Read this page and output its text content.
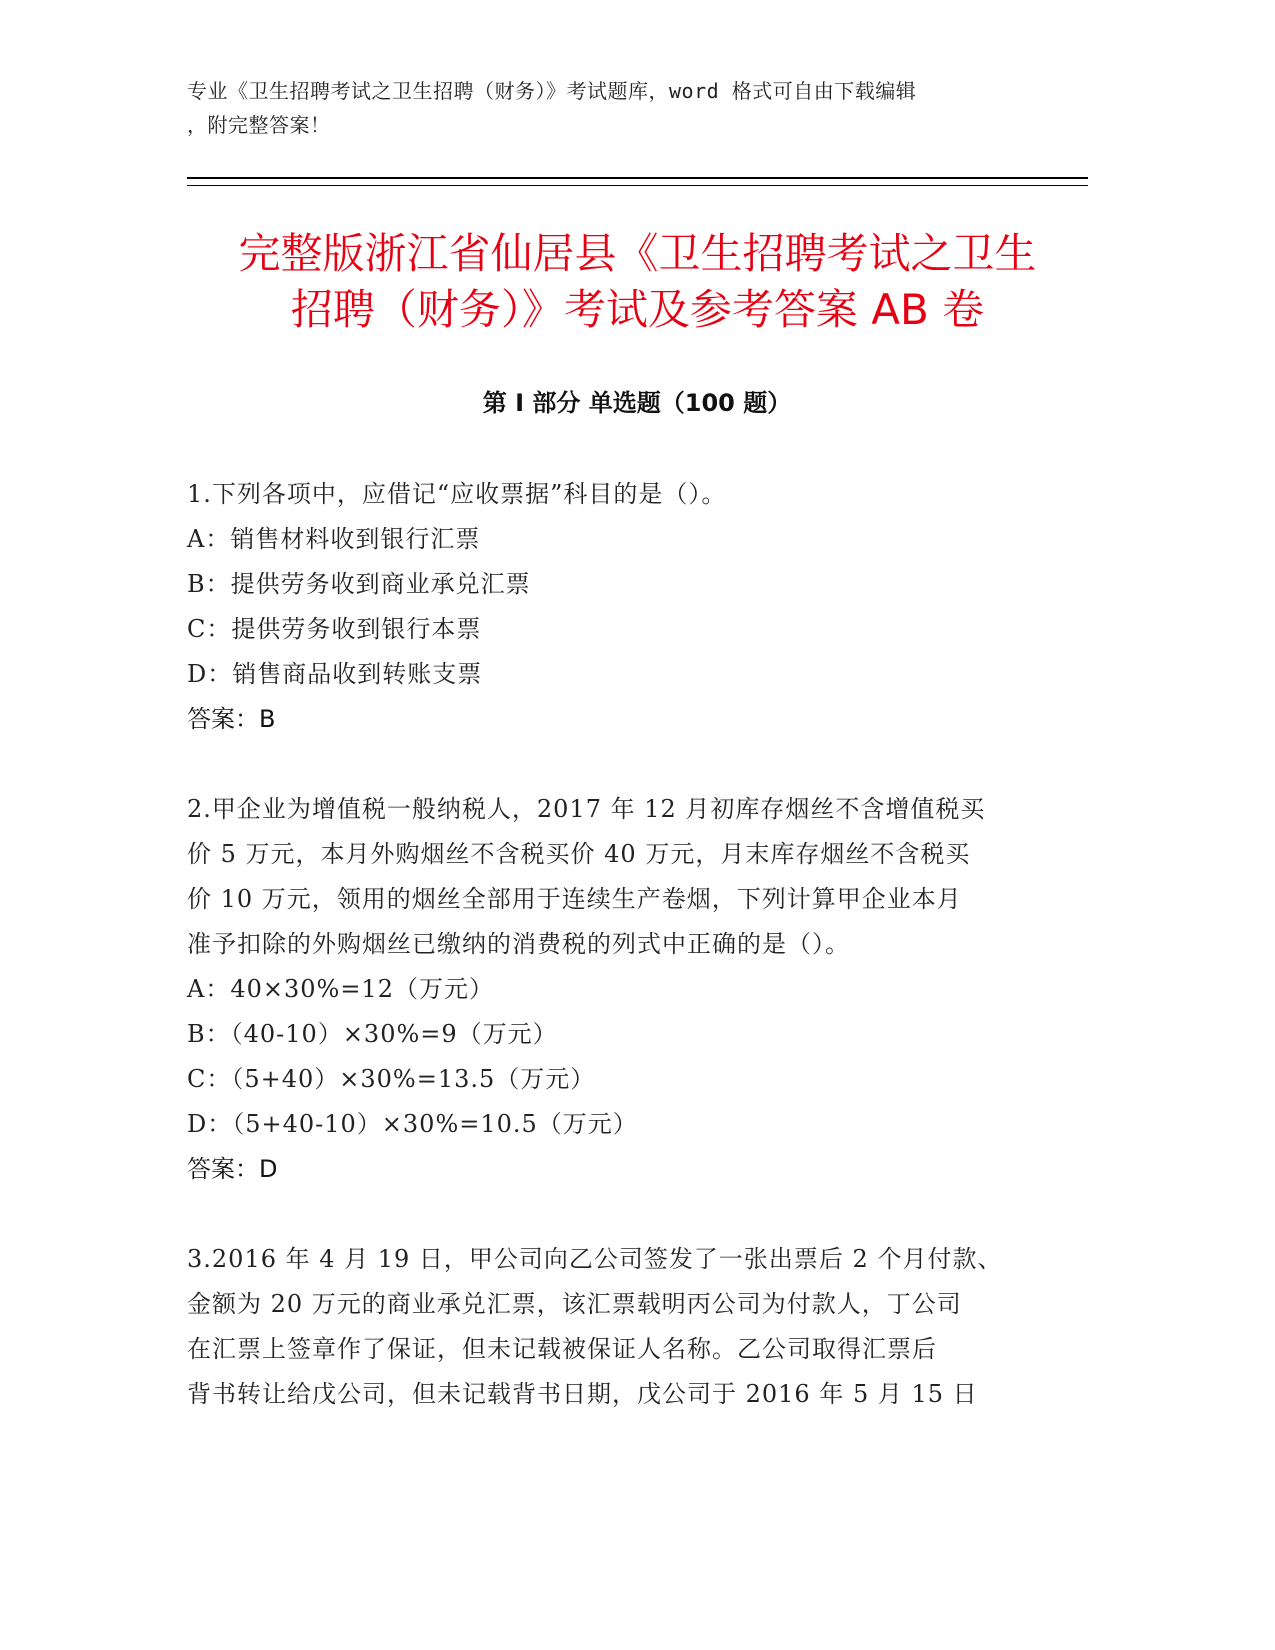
专业《卫生招聘考试之卫生招聘（财务）》考试题库，word 格式可自由下载编辑
，附完整答案！
完整版浙江省仙居县《卫生招聘考试之卫生
招聘（财务）》考试及参考答案 AB 卷
第 I 部分 单选题（100 题）

1.下列各项中，应借记“应收票据”科目的是（）。

A：销售材料收到银行汇票

B：提供劳务收到商业承兑汇票

C：提供劳务收到银行本票

D：销售商品收到转账支票

答案：B

2.甲企业为增值税一般纳税人，2017 年 12 月初库存烟丝不含增值税买

价 5 万元，本月外购烟丝不含税买价 40 万元，月末库存烟丝不含税买

价 10 万元，领用的烟丝全部用于连续生产卷烟，下列计算甲企业本月

准予扣除的外购烟丝已缴纳的消费税的列式中正确的是（）。

A：40×30%=12（万元）

B：（40-10）×30%=9（万元）

C：（5+40）×30%=13.5（万元）

D：（5+40-10）×30%=10.5（万元）

答案：D

3.2016 年 4 月 19 日，甲公司向乙公司签发了一张出票后 2 个月付款、

金额为 20 万元的商业承兑汇票，该汇票载明丙公司为付款人，丁公司

在汇票上签章作了保证，但未记载被保证人名称。乙公司取得汇票后

背书转让给戊公司，但未记载背书日期，戊公司于 2016 年 5 月 15 日
